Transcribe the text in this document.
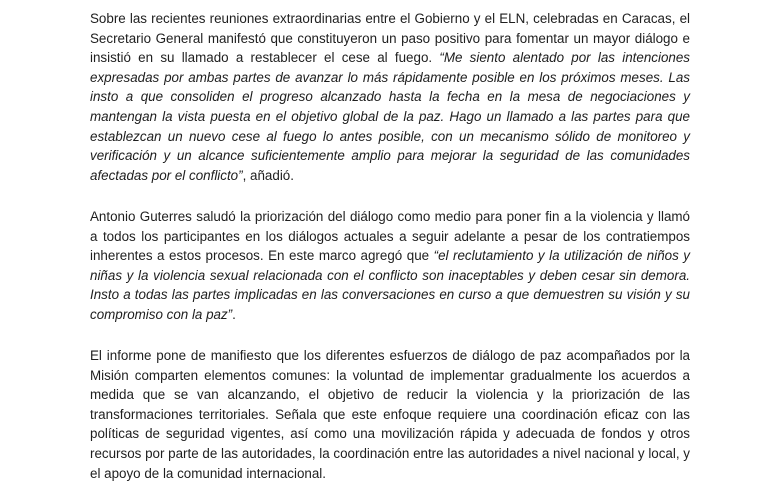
Sobre las recientes reuniones extraordinarias entre el Gobierno y el ELN, celebradas en Caracas, el Secretario General manifestó que constituyeron un paso positivo para fomentar un mayor diálogo e insistió en su llamado a restablecer el cese al fuego. “Me siento alentado por las intenciones expresadas por ambas partes de avanzar lo más rápidamente posible en los próximos meses. Las insto a que consoliden el progreso alcanzado hasta la fecha en la mesa de negociaciones y mantengan la vista puesta en el objetivo global de la paz. Hago un llamado a las partes para que establezcan un nuevo cese al fuego lo antes posible, con un mecanismo sólido de monitoreo y verificación y un alcance suficientemente amplio para mejorar la seguridad de las comunidades afectadas por el conflicto”, añadió.

Antonio Guterres saludó la priorización del diálogo como medio para poner fin a la violencia y llamó a todos los participantes en los diálogos actuales a seguir adelante a pesar de los contratiempos inherentes a estos procesos. En este marco agregó que “el reclutamiento y la utilización de niños y niñas y la violencia sexual relacionada con el conflicto son inaceptables y deben cesar sin demora. Insto a todas las partes implicadas en las conversaciones en curso a que demuestren su visión y su compromiso con la paz”.

El informe pone de manifiesto que los diferentes esfuerzos de diálogo de paz acompañados por la Misión comparten elementos comunes: la voluntad de implementar gradualmente los acuerdos a medida que se van alcanzando, el objetivo de reducir la violencia y la priorización de las transformaciones territoriales. Señala que este enfoque requiere una coordinación eficaz con las políticas de seguridad vigentes, así como una movilización rápida y adecuada de fondos y otros recursos por parte de las autoridades, la coordinación entre las autoridades a nivel nacional y local, y el apoyo de la comunidad internacional.
